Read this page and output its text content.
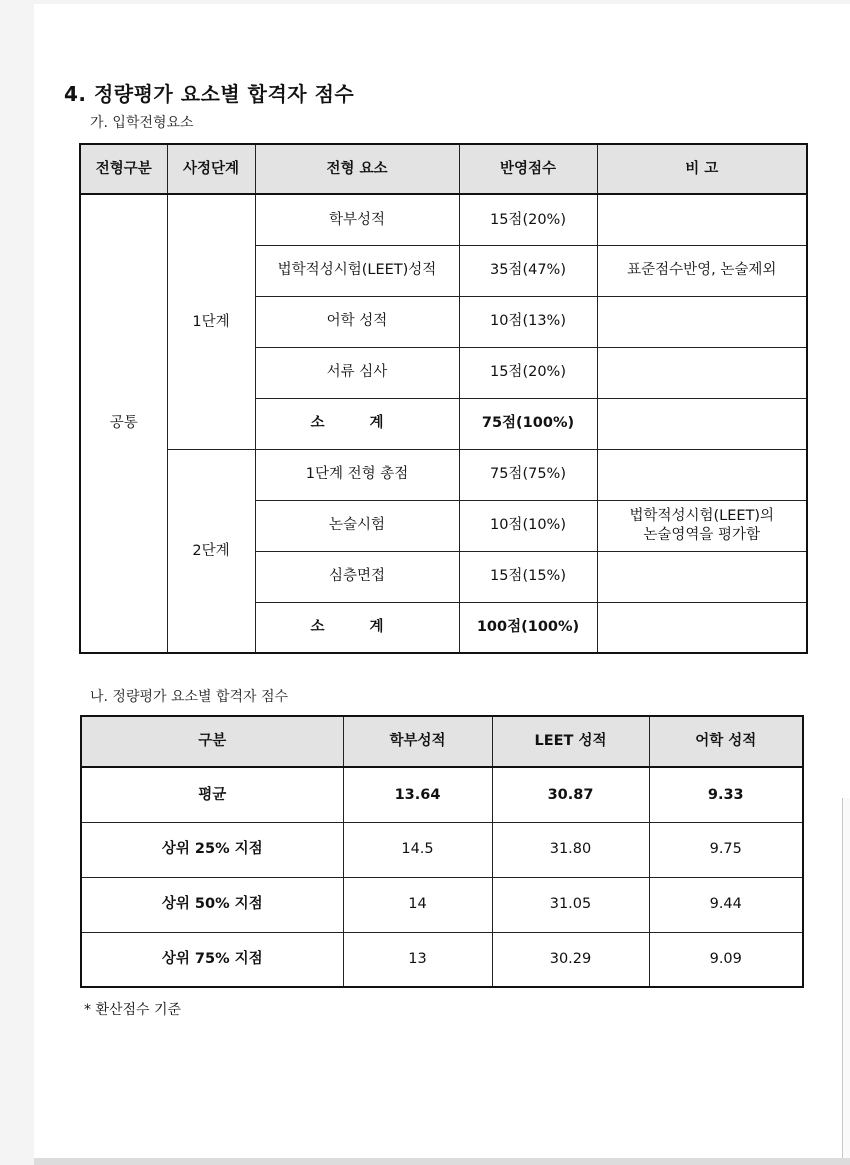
4. 정량평가 요소별 합격자 점수
가. 입학전형요소
전형구분	사정단계	전형 요소	반영점수	비 고
공통	1단계	학부성적	15점(20%)	
		법학적성시험(LEET)성적	35점(47%)	표준점수반영, 논술제외
		어학 성적	10점(13%)	
		서류 심사	15점(20%)	
		소 계	75점(100%)	
	2단계	1단계 전형 총점	75점(75%)	
		논술시험	10점(10%)	법학적성시험(LEET)의
논술영역을 평가함
		심층면접	15점(15%)	
		소 계	100점(100%)	
나. 정량평가 요소별 합격자 점수
구분	학부성적	LEET 성적	어학 성적
평균	13.64	30.87	9.33
상위 25% 지점	14.5	31.80	9.75
상위 50% 지점	14	31.05	9.44
상위 75% 지점	13	30.29	9.09
* 환산점수 기준
